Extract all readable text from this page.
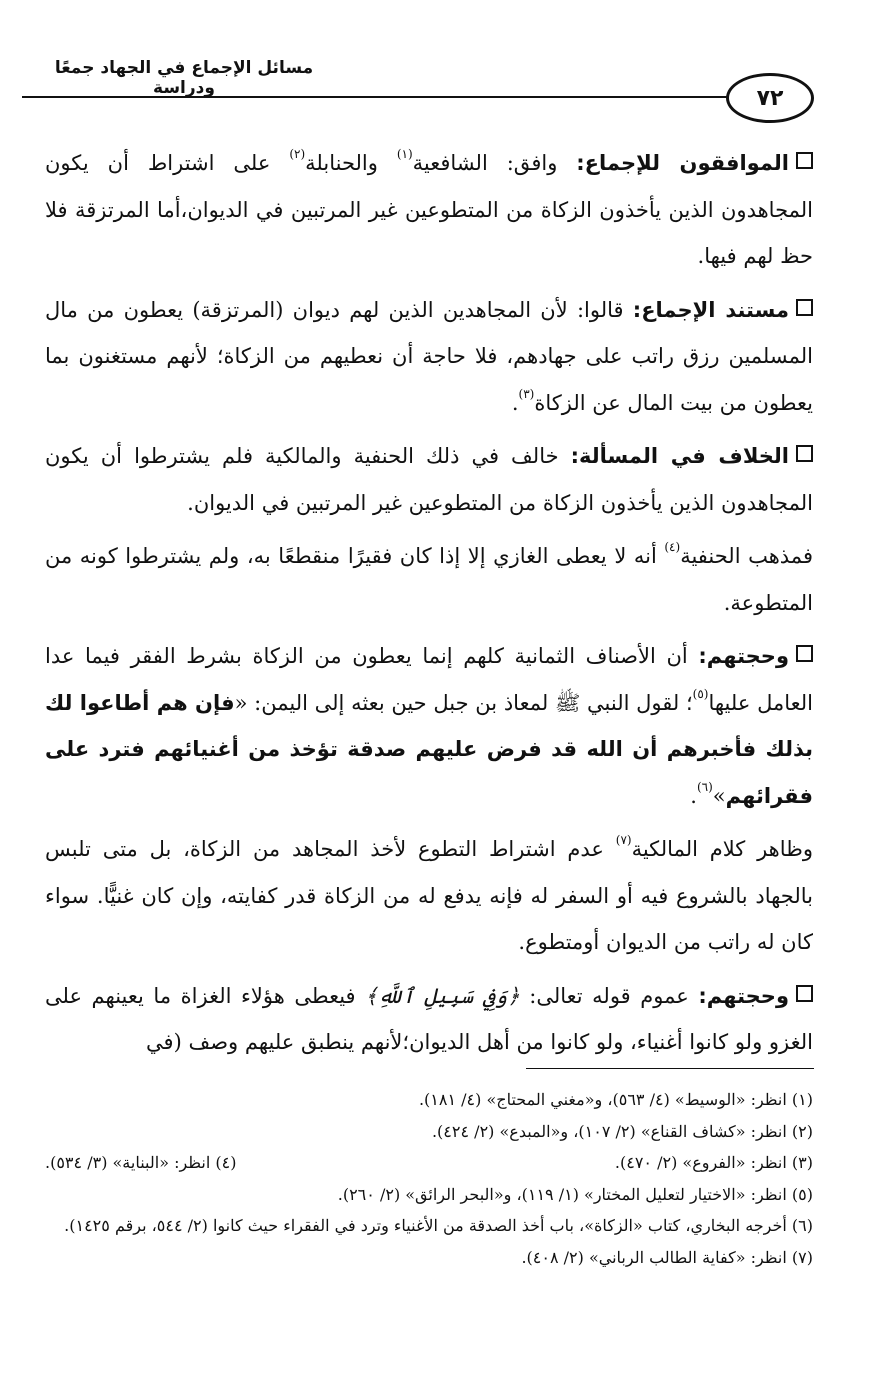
مسائل الإجماع في الجهاد جمعًا ودراسة	٧٢

الموافقون للإجماع: وافق: الشافعية$^{(١)}$ والحنابلة$^{(٢)}$ على اشتراط أن يكون المجاهدون الذين يأخذون الزكاة من المتطوعين غير المرتبين في الديوان،أما المرتزقة فلا حظ لهم فيها.

مستند الإجماع: قالوا: لأن المجاهدين الذين لهم ديوان (المرتزقة) يعطون من مال المسلمين رزق راتب على جهادهم، فلا حاجة أن نعطيهم من الزكاة؛ لأنهم مستغنون بما يعطون من بيت المال عن الزكاة$^{(٣)}$.

الخلاف في المسألة: خالف في ذلك الحنفية والمالكية فلم يشترطوا أن يكون المجاهدون الذين يأخذون الزكاة من المتطوعين غير المرتبين في الديوان.

فمذهب الحنفية$^{(٤)}$ أنه لا يعطى الغازي إلا إذا كان فقيرًا منقطعًا به، ولم يشترطوا كونه من المتطوعة.

وحجتهم: أن الأصناف الثمانية كلهم إنما يعطون من الزكاة بشرط الفقر فيما عدا العامل عليها$^{(٥)}$؛ لقول النبي ﷺ لمعاذ بن جبل حين بعثه إلى اليمن: «فإن هم أطاعوا لك بذلك فأخبرهم أن الله قد فرض عليهم صدقة تؤخذ من أغنيائهم فترد على فقرائهم»$^{(٦)}$.

وظاهر كلام المالكية$^{(٧)}$ عدم اشتراط التطوع لأخذ المجاهد من الزكاة، بل متى تلبس بالجهاد بالشروع فيه أو السفر له فإنه يدفع له من الزكاة قدر كفايته، وإن كان غنيًّا. سواء كان له راتب من الديوان أومتطوع.

وحجتهم: عموم قوله تعالى: ﴿وَفِي سَبِيلِ ٱللَّهِ﴾ فيعطى هؤلاء الغزاة ما يعينهم على الغزو ولو كانوا أغنياء، ولو كانوا من أهل الديوان؛لأنهم ينطبق عليهم وصف (في

(١) انظر: «الوسيط» (٤/ ٥٦٣)، و«مغني المحتاج» (٤/ ١٨١).

(٢) انظر: «كشاف القناع» (٢/ ١٠٧)، و«المبدع» (٢/ ٤٢٤).

(٣) انظر: «الفروع» (٢/ ٤٧٠).
(٤) انظر: «البناية» (٣/ ٥٣٤).

(٥) انظر: «الاختيار لتعليل المختار» (١/ ١١٩)، و«البحر الرائق» (٢/ ٢٦٠).

(٦) أخرجه البخاري، كتاب «الزكاة»، باب أخذ الصدقة من الأغنياء وترد في الفقراء حيث كانوا (٢/ ٥٤٤، برقم ١٤٢٥).

(٧) انظر: «كفاية الطالب الرباني» (٢/ ٤٠٨).
